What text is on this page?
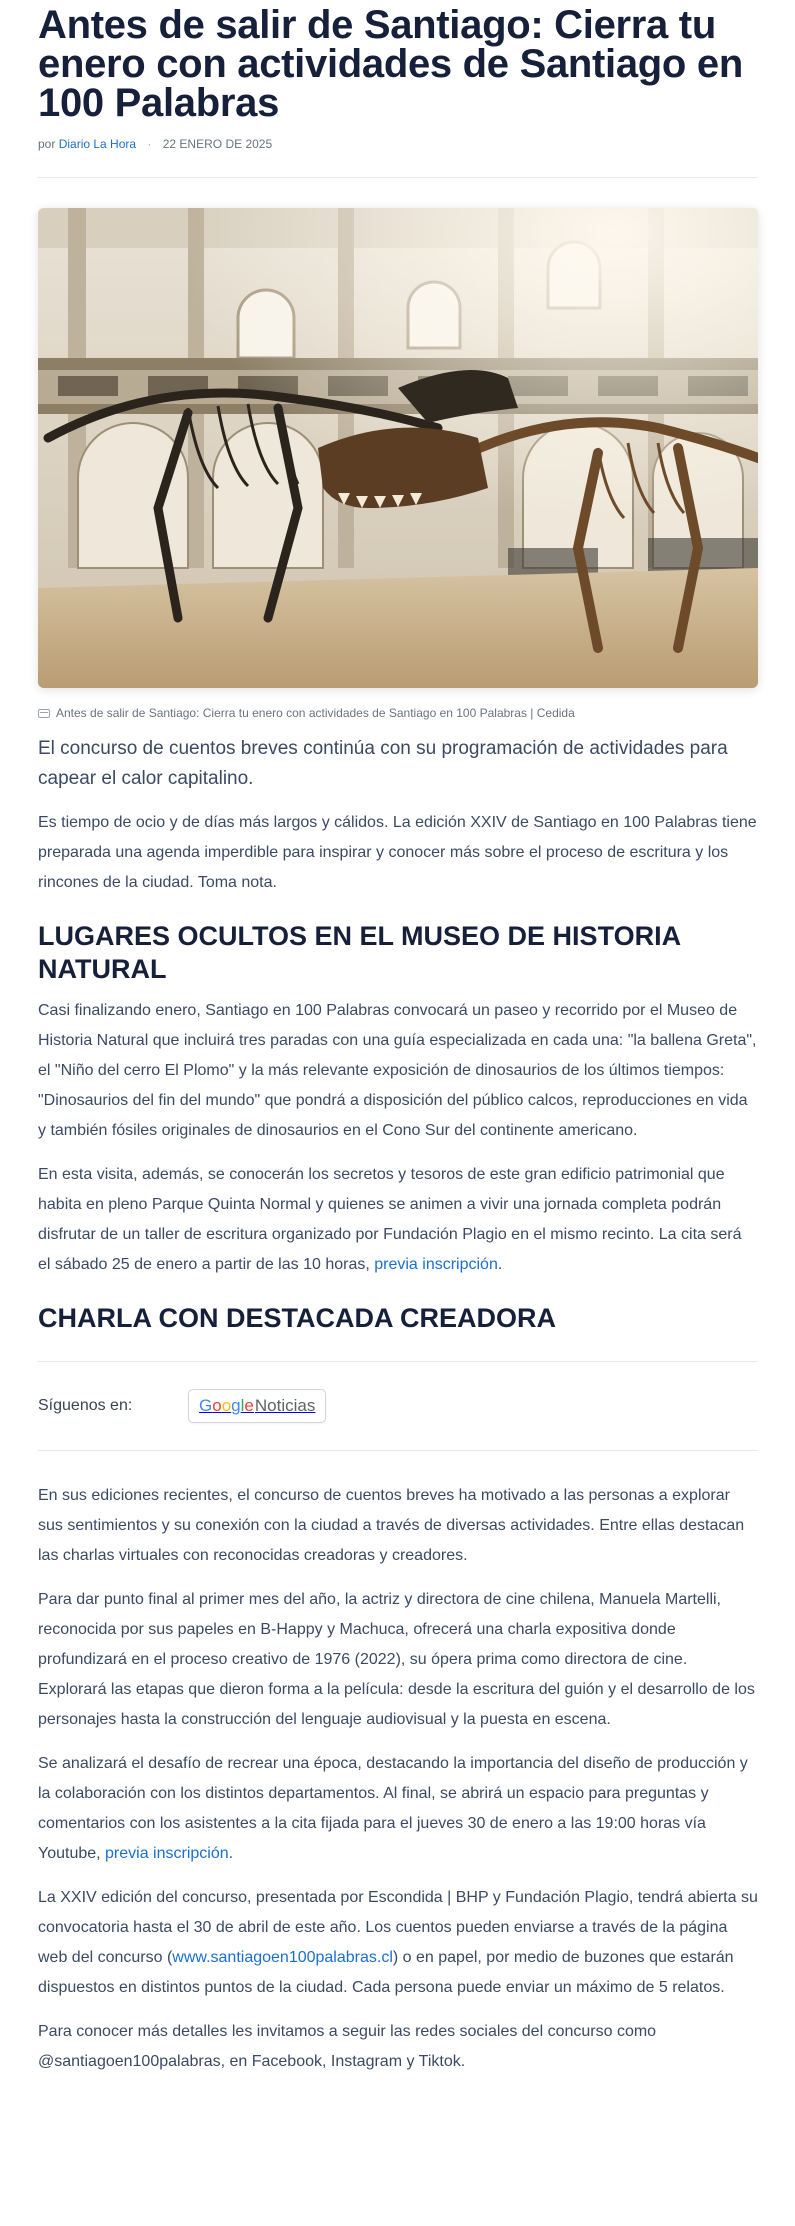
Antes de salir de Santiago: Cierra tu enero con actividades de Santiago en 100 Palabras
por Diario La Hora · 22 ENERO DE 2025
Antes de salir de Santiago: Cierra tu enero con actividades de Santiago en 100 Palabras | Cedida

El concurso de cuentos breves continúa con su programación de actividades para capear el calor capitalino.

Es tiempo de ocio y de días más largos y cálidos. La edición XXIV de Santiago en 100 Palabras tiene preparada una agenda imperdible para inspirar y conocer más sobre el proceso de escritura y los rincones de la ciudad. Toma nota.

LUGARES OCULTOS EN EL MUSEO DE HISTORIA NATURAL

Casi finalizando enero, Santiago en 100 Palabras convocará un paseo y recorrido por el Museo de Historia Natural que incluirá tres paradas con una guía especializada en cada una: "la ballena Greta", el "Niño del cerro El Plomo" y la más relevante exposición de dinosaurios de los últimos tiempos: "Dinosaurios del fin del mundo" que pondrá a disposición del público calcos, reproducciones en vida y también fósiles originales de dinosaurios en el Cono Sur del continente americano.

En esta visita, además, se conocerán los secretos y tesoros de este gran edificio patrimonial que habita en pleno Parque Quinta Normal y quienes se animen a vivir una jornada completa podrán disfrutar de un taller de escritura organizado por Fundación Plagio en el mismo recinto. La cita será el sábado 25 de enero a partir de las 10 horas, previa inscripción.

CHARLA CON DESTACADA CREADORA
Síguenos en:	G o o g l e Noticias

En sus ediciones recientes, el concurso de cuentos breves ha motivado a las personas a explorar sus sentimientos y su conexión con la ciudad a través de diversas actividades. Entre ellas destacan las charlas virtuales con reconocidas creadoras y creadores.

Para dar punto final al primer mes del año, la actriz y directora de cine chilena, Manuela Martelli, reconocida por sus papeles en B-Happy y Machuca, ofrecerá una charla expositiva donde profundizará en el proceso creativo de 1976 (2022), su ópera prima como directora de cine. Explorará las etapas que dieron forma a la película: desde la escritura del guión y el desarrollo de los personajes hasta la construcción del lenguaje audiovisual y la puesta en escena.

Se analizará el desafío de recrear una época, destacando la importancia del diseño de producción y la colaboración con los distintos departamentos. Al final, se abrirá un espacio para preguntas y comentarios con los asistentes a la cita fijada para el jueves 30 de enero a las 19:00 horas vía Youtube, previa inscripción.

La XXIV edición del concurso, presentada por Escondida | BHP y Fundación Plagio, tendrá abierta su convocatoria hasta el 30 de abril de este año. Los cuentos pueden enviarse a través de la página web del concurso (www.santiagoen100palabras.cl) o en papel, por medio de buzones que estarán dispuestos en distintos puntos de la ciudad. Cada persona puede enviar un máximo de 5 relatos.

Para conocer más detalles les invitamos a seguir las redes sociales del concurso como @santiagoen100palabras, en Facebook, Instagram y Tiktok.
